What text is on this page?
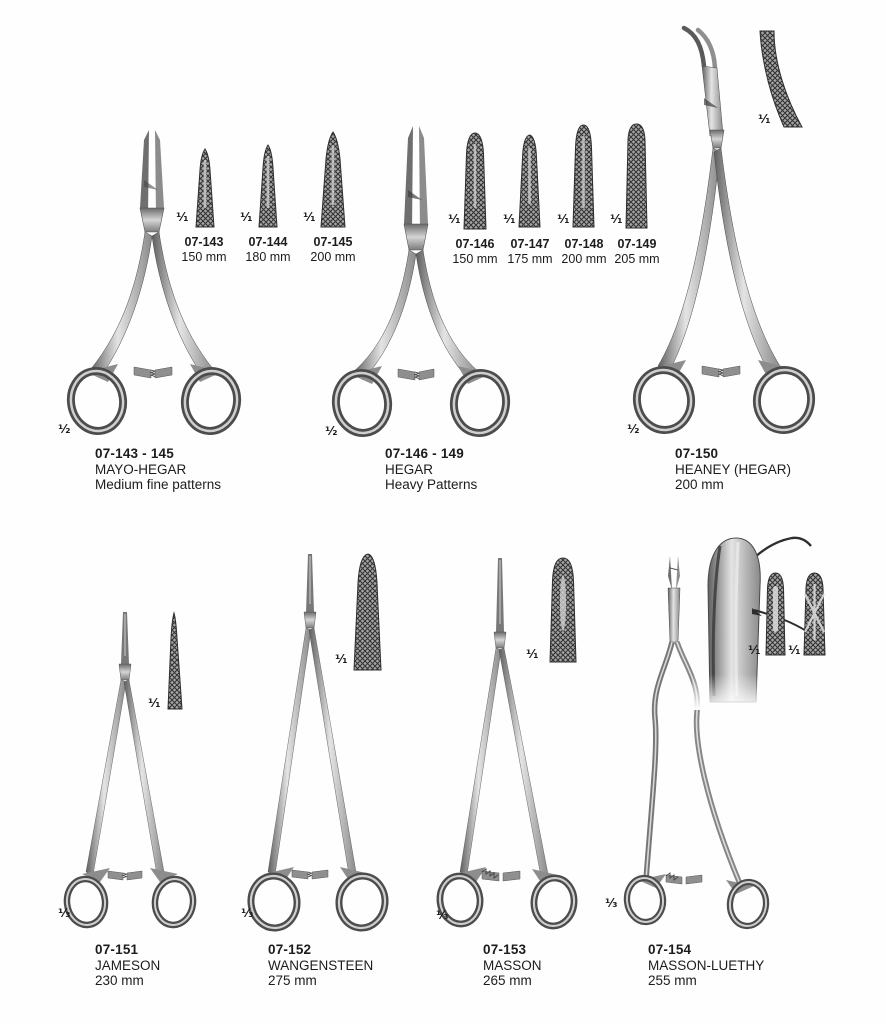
07-143
150 mm
07-144
180 mm
07-145
200 mm
07-146
150 mm
07-147
175 mm
07-148
200 mm
07-149
205 mm
¹⁄₁	¹⁄₁	¹⁄₁	¹⁄₁	¹⁄₁	¹⁄₁	¹⁄₁
¹⁄₁
¹⁄₂	¹⁄₂	¹⁄₂
07-143 - 145
MAYO-HEGAR
Medium fine patterns
07-146 - 149
HEGAR
Heavy Patterns
07-150
HEANEY (HEGAR)
200 mm
¹⁄₁
¹⁄₁	¹⁄₁	¹⁄₁ ¹⁄₁
¹⁄₃	¹⁄₃	¹⁄₃
¹⁄₃
07-151
JAMESON
230 mm
07-152
WANGENSTEEN
275 mm
07-153
MASSON
265 mm
07-154
MASSON-LUETHY
255 mm
